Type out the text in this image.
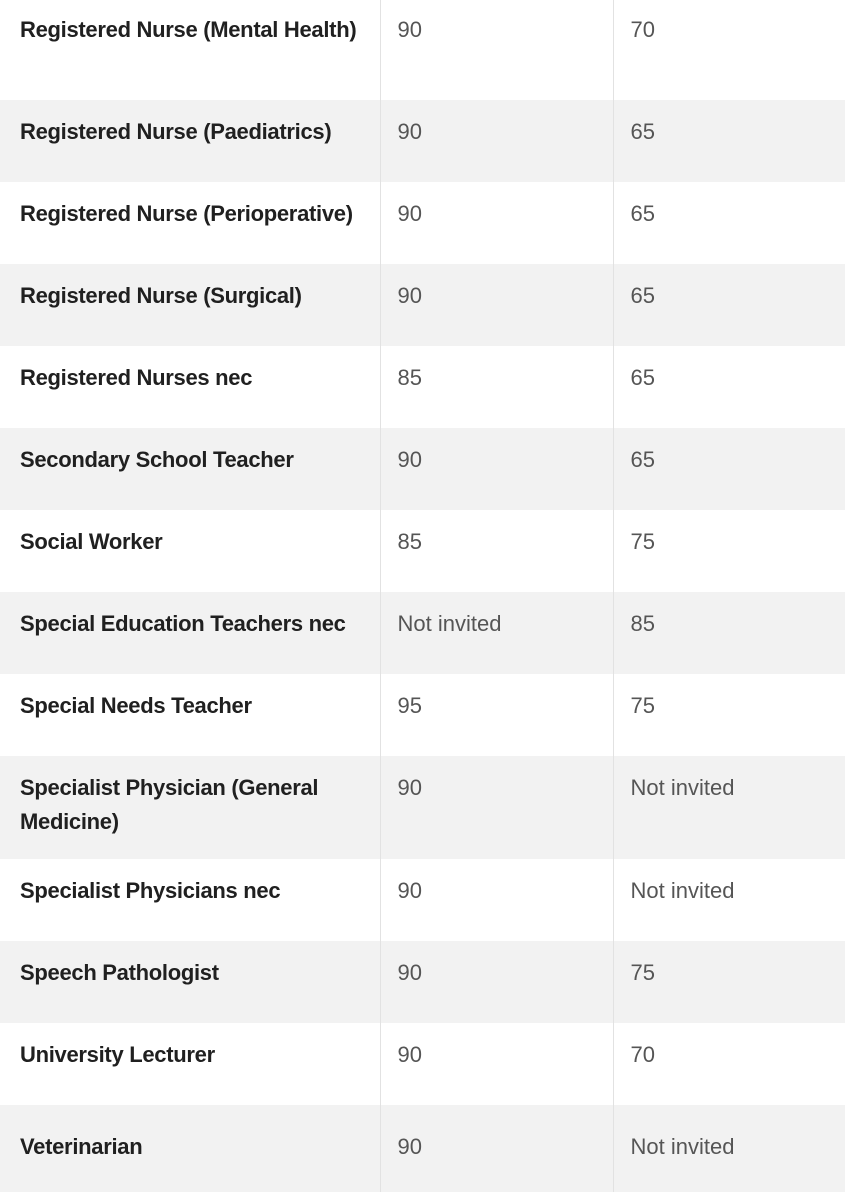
Registered Nurse (Mental Health)	90	70
Registered Nurse (Paediatrics)	90	65
Registered Nurse (Perioperative)	90	65
Registered Nurse (Surgical)	90	65
Registered Nurses nec	85	65
Secondary School Teacher	90	65
Social Worker	85	75
Special Education Teachers nec	Not invited	85
Special Needs Teacher	95	75
Specialist Physician (General Medicine)	90	Not invited
Specialist Physicians nec	90	Not invited
Speech Pathologist	90	75
University Lecturer	90	70
Veterinarian	90	Not invited
